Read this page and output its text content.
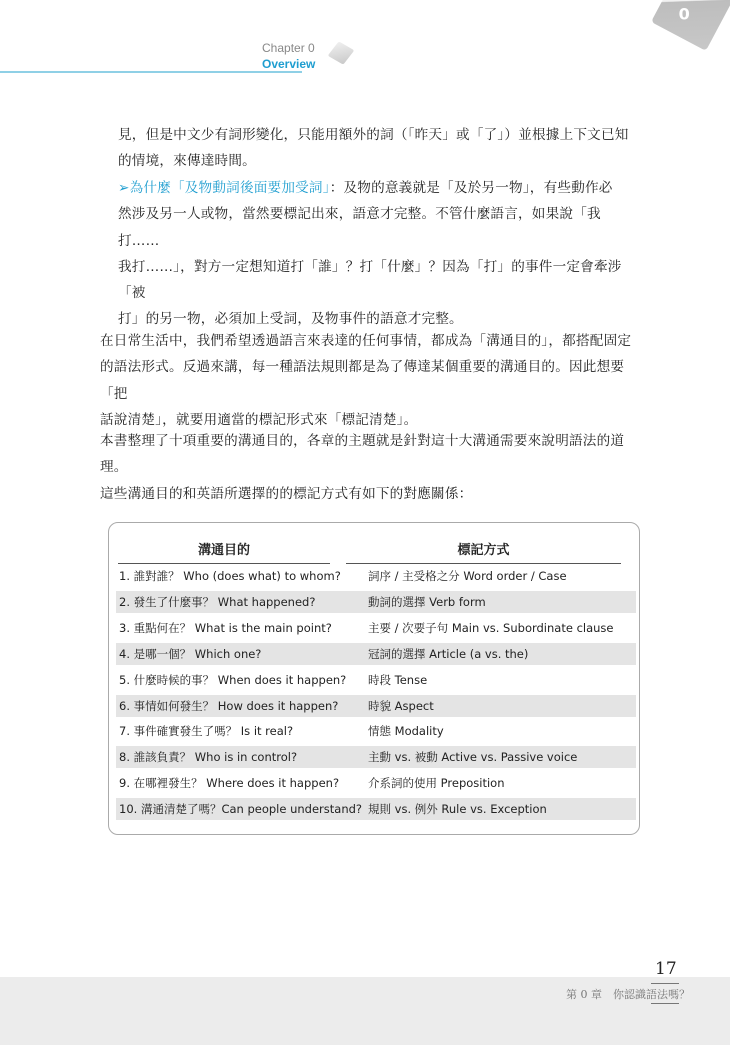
Chapter 0
Overview
0
見，但是中文少有詞形變化，只能用額外的詞（「昨天」或「了」）並根據上下文已知
的情境，來傳達時間。
➢為什麼「及物動詞後面要加受詞」：及物的意義就是「及於另一物」，有些動作必
然涉及另一人或物，當然要標記出來，語意才完整。不管什麼語言，如果說「我打……
我打……」，對方一定想知道打「誰」？打「什麼」？因為「打」的事件一定會牽涉「被
打」的另一物，必須加上受詞，及物事件的語意才完整。
在日常生活中，我們希望透過語言來表達的任何事情，都成為「溝通目的」，都搭配固定
的語法形式。反過來講，每一種語法規則都是為了傳達某個重要的溝通目的。因此想要「把
話說清楚」，就要用適當的標記形式來「標記清楚」。
本書整理了十項重要的溝通目的，各章的主題就是針對這十大溝通需要來說明語法的道理。
這些溝通目的和英語所選擇的的標記方式有如下的對應關係：
溝通目的	標記方式
1. 誰對誰？ Who (does what) to whom? 詞序 / 主受格之分 Word order / Case
2. 發生了什麼事？ What happened?	動詞的選擇 Verb form
3. 重點何在？ What is the main point?	主要 / 次要子句 Main vs. Subordinate clause
4. 是哪一個？ Which one?	冠詞的選擇 Article (a vs. the)
5. 什麼時候的事？ When does it happen? 時段 Tense
6. 事情如何發生？ How does it happen?	時貌 Aspect
7. 事件確實發生了嗎？ Is it real?	情態 Modality
8. 誰該負責？ Who is in control?	主動 vs. 被動 Active vs. Passive voice
9. 在哪裡發生？ Where does it happen?	介系詞的使用 Preposition
10. 溝通清楚了嗎？Can people understand? 規則 vs. 例外 Rule vs. Exception
17
第 0 章　你認識語法嗎？
